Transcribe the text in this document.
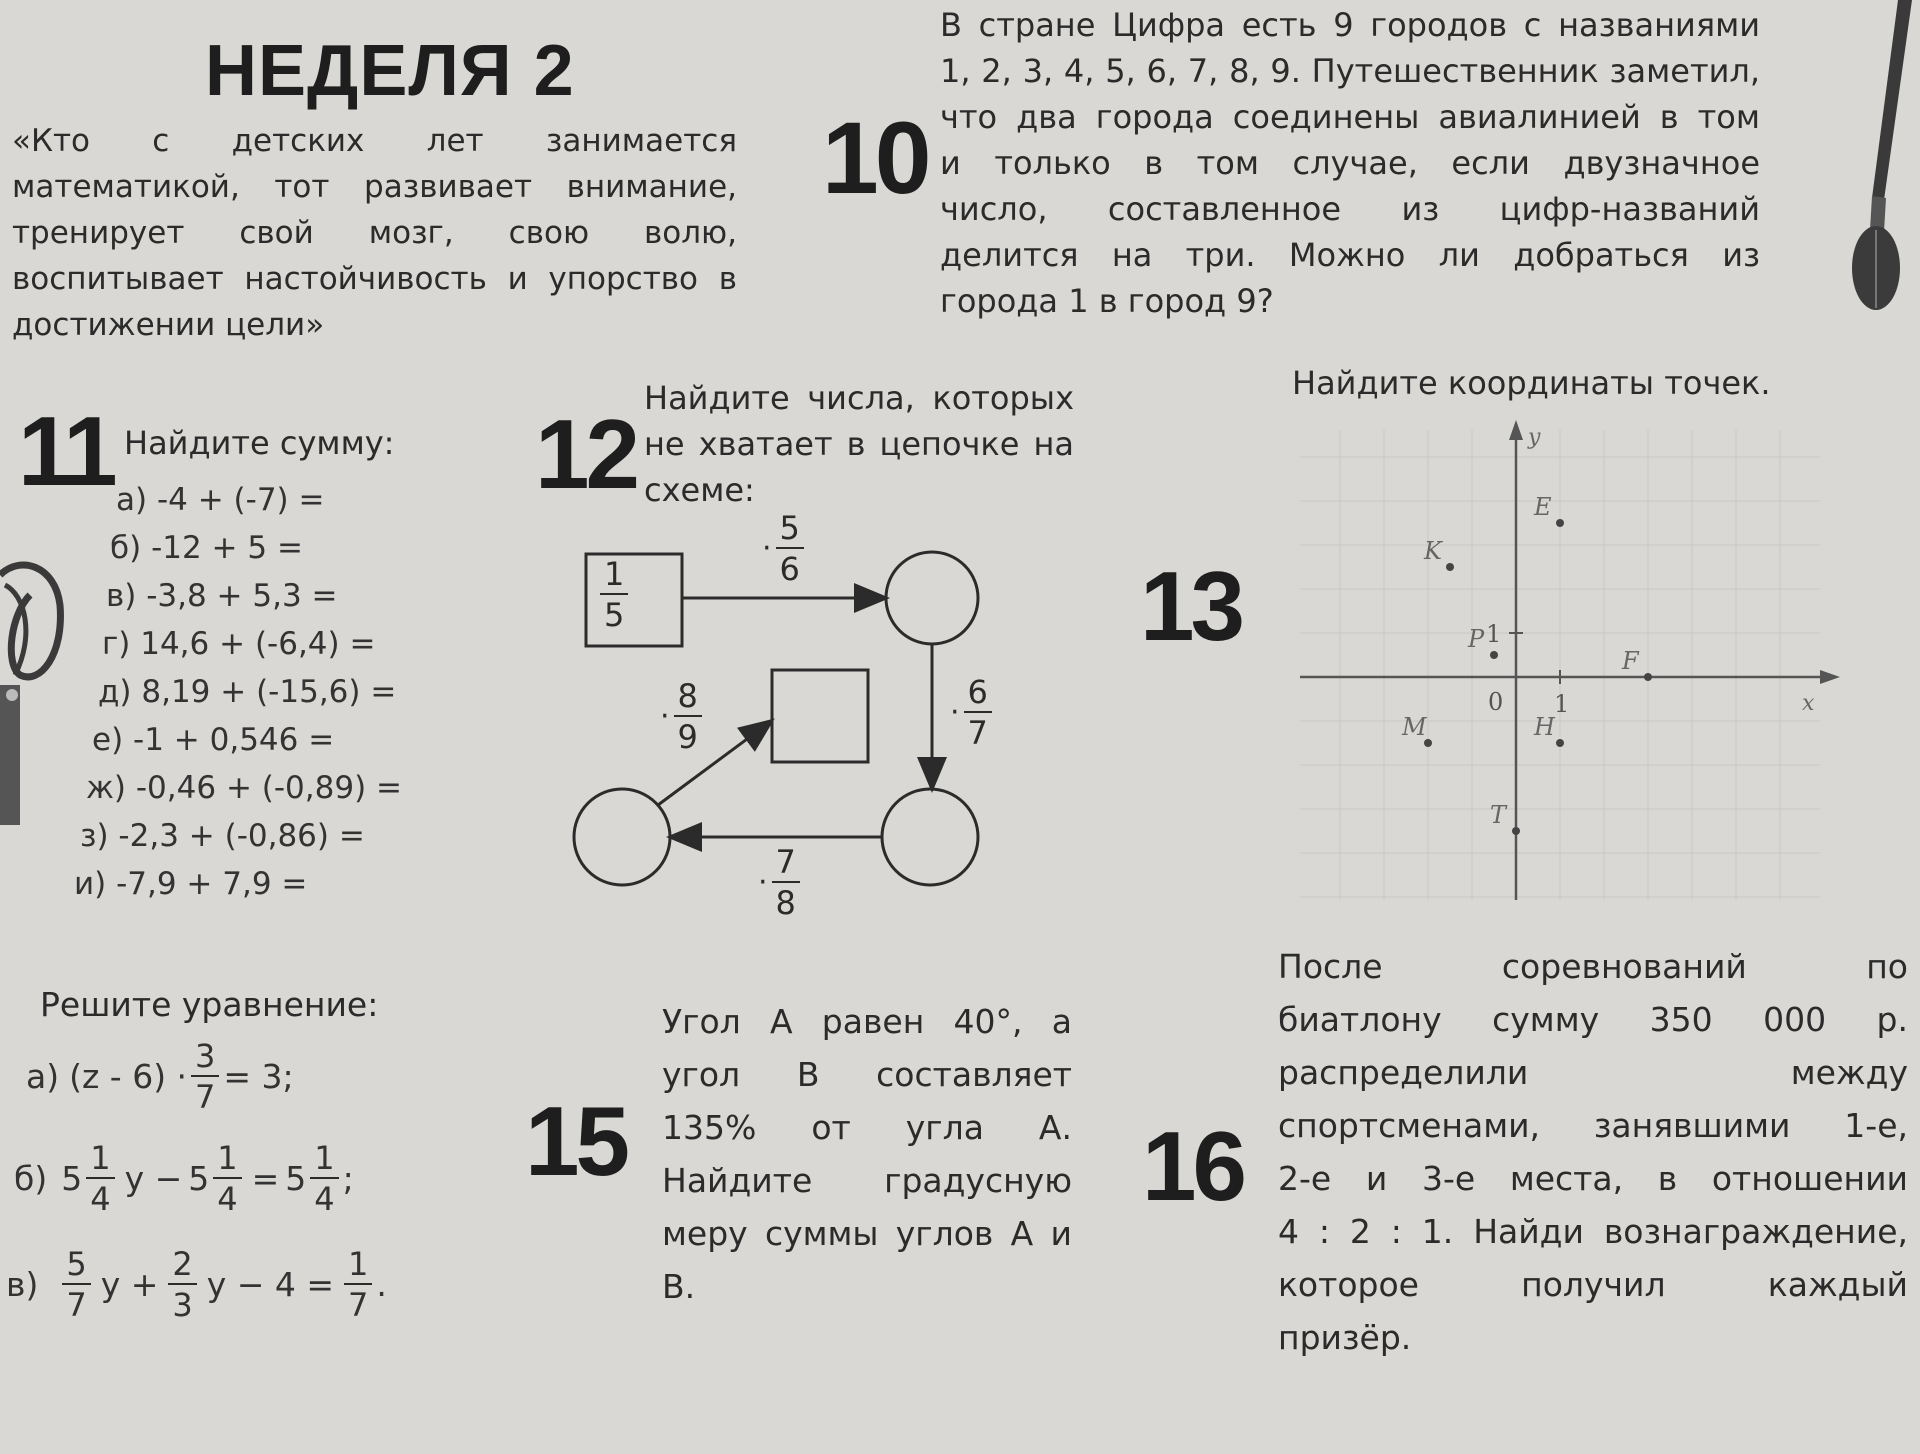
НЕДЕЛЯ 2
«Кто с детских лет занимается
математикой, тот развивает внимание,
тренирует свой мозг, свою волю,
воспитывает настойчивость и упорство в
достижении цели»
10
В стране Цифра есть 9 городов с названиями
1, 2, 3, 4, 5, 6, 7, 8, 9. Путешественник заметил,
что два города соединены авиалинией в том
и только в том случае, если двузначное
число, составленное из цифр-названий
делится на три. Можно ли добраться из
города 1 в город 9?
11 Найдите сумму:
а) -4 + (-7) =
б) -12 + 5 =
в) -3,8 + 5,3 =
г) 14,6 + (-6,4) =
д) 8,19 + (-15,6) =
е) -1 + 0,546 =
ж) -0,46 + (-0,89) =
з) -2,3 + (-0,86) =
и) -7,9 + 7,9 =
12
Найдите числа, которых
не хватает в цепочке на
схеме:
$\frac{1}{5}$
· $\frac{5}{6}$
· $\frac{6}{7}$
· $\frac{7}{8}$
· $\frac{8}{9}$
13
Найдите координаты точек.
y
x
0 1
1
P
E
K
F
H
M
T
Решите уравнение:
а) $(z - 6) \cdot \frac{3}{7} = 3$;
б) $5 \frac{1}{4}$ $y - 5 \frac{1}{4} = 5 \frac{1}{4}$ ;
$в) \frac{5}{7}$ $y + \frac{2}{3}$ $y - 4 = \frac{1}{7}$ .
15
Угол А равен 40°, а
угол В составляет
135% от угла А.
Найдите градусную
меру суммы углов А и
В.
16
После соревнований по
биатлону сумму 350 000 р.
распределили между
спортсменами, занявшими 1-е,
2-е и 3-е места, в отношении
4 : 2 : 1. Найди вознаграждение,
которое получил каждый
призёр.
